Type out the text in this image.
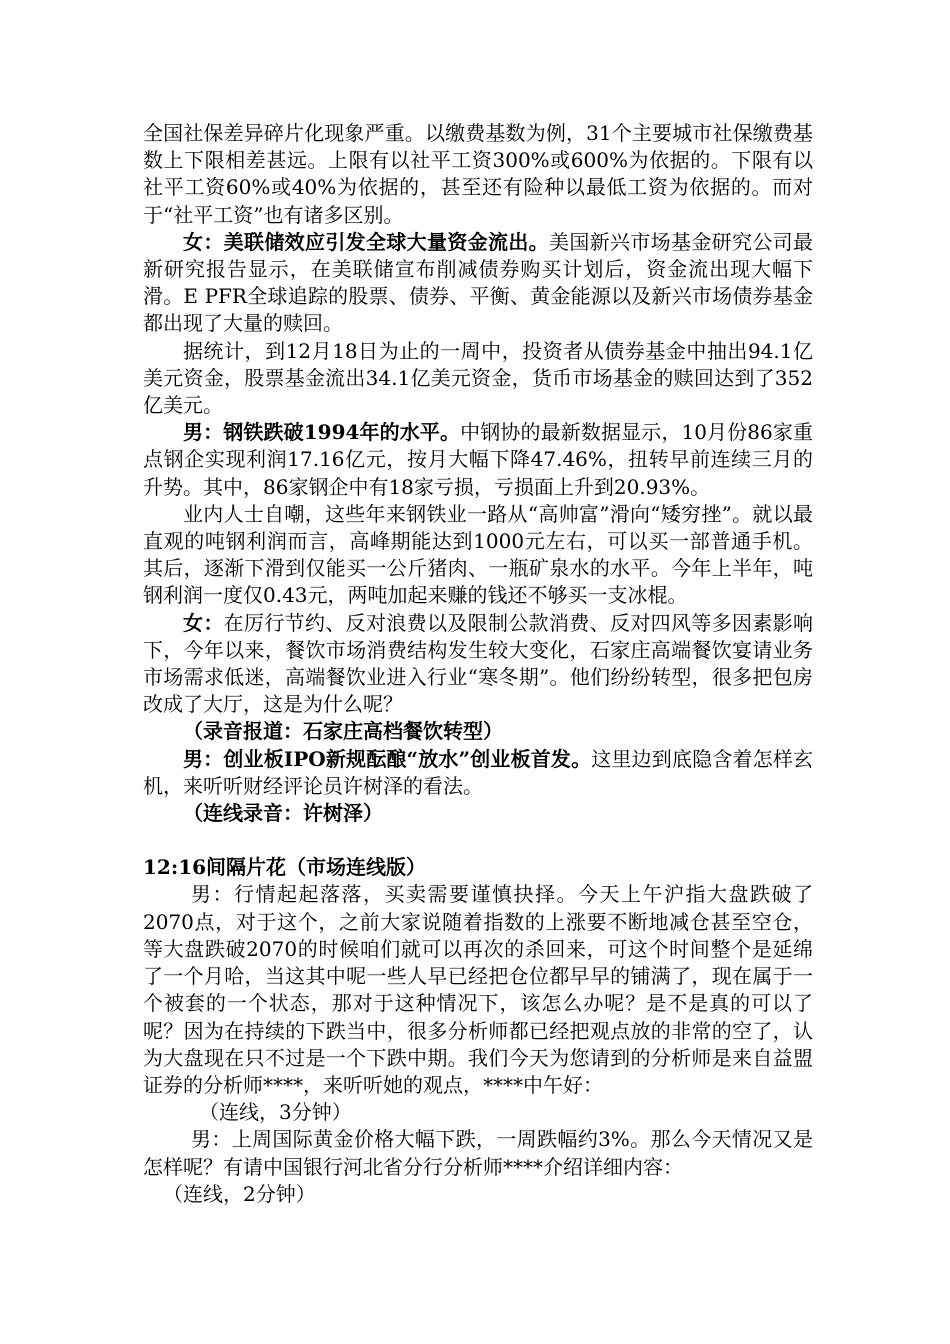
全国社保差异碎片化现象严重。以缴费基数为例，31个主要城市社保缴费基数上下限相差甚远。上限有以社平工资300%或600%为依据的。下限有以社平工资60%或40%为依据的，甚至还有险种以最低工资为依据的。而对于“社平工资”也有诸多区别。

女：美联储效应引发全球大量资金流出。美国新兴市场基金研究公司最新研究报告显示，在美联储宣布削减债券购买计划后，资金流出现大幅下滑。E PFR全球追踪的股票、债券、平衡、黄金能源以及新兴市场债券基金都出现了大量的赎回。

据统计，到12月18日为止的一周中，投资者从债券基金中抽出94.1亿美元资金，股票基金流出34.1亿美元资金，货币市场基金的赎回达到了352亿美元。

男：钢铁跌破1994年的水平。中钢协的最新数据显示，10月份86家重点钢企实现利润17.16亿元，按月大幅下降47.46%，扭转早前连续三月的升势。其中，86家钢企中有18家亏损，亏损面上升到20.93%。

业内人士自嘲，这些年来钢铁业一路从“高帅富”滑向“矮穷挫”。就以最直观的吨钢利润而言，高峰期能达到1000元左右，可以买一部普通手机。其后，逐渐下滑到仅能买一公斤猪肉、一瓶矿泉水的水平。今年上半年，吨钢利润一度仅0.43元，两吨加起来赚的钱还不够买一支冰棍。

女：在厉行节约、反对浪费以及限制公款消费、反对四风等多因素影响下，今年以来，餐饮市场消费结构发生较大变化，石家庄高端餐饮宴请业务市场需求低迷，高端餐饮业进入行业“寒冬期”。他们纷纷转型，很多把包房改成了大厅，这是为什么呢？

（录音报道：石家庄高档餐饮转型）

男：创业板IPO新规酝酿“放水”创业板首发。这里边到底隐含着怎样玄机，来听听财经评论员许树泽的看法。

（连线录音：许树泽）

12:16间隔片花（市场连线版）

男：行情起起落落，买卖需要谨慎抉择。今天上午沪指大盘跌破了2070点，对于这个，之前大家说随着指数的上涨要不断地减仓甚至空仓，等大盘跌破2070的时候咱们就可以再次的杀回来，可这个时间整个是延绵了一个月哈，当这其中呢一些人早已经把仓位都早早的铺满了，现在属于一个被套的一个状态，那对于这种情况下，该怎么办呢？是不是真的可以了呢？因为在持续的下跌当中，很多分析师都已经把观点放的非常的空了，认为大盘现在只不过是一个下跌中期。我们今天为您请到的分析师是来自益盟证券的分析师****，来听听她的观点，****中午好：

（连线，3分钟）

男：上周国际黄金价格大幅下跌，一周跌幅约3%。那么今天情况又是怎样呢？有请中国银行河北省分行分析师****介绍详细内容：

（连线，2分钟）
